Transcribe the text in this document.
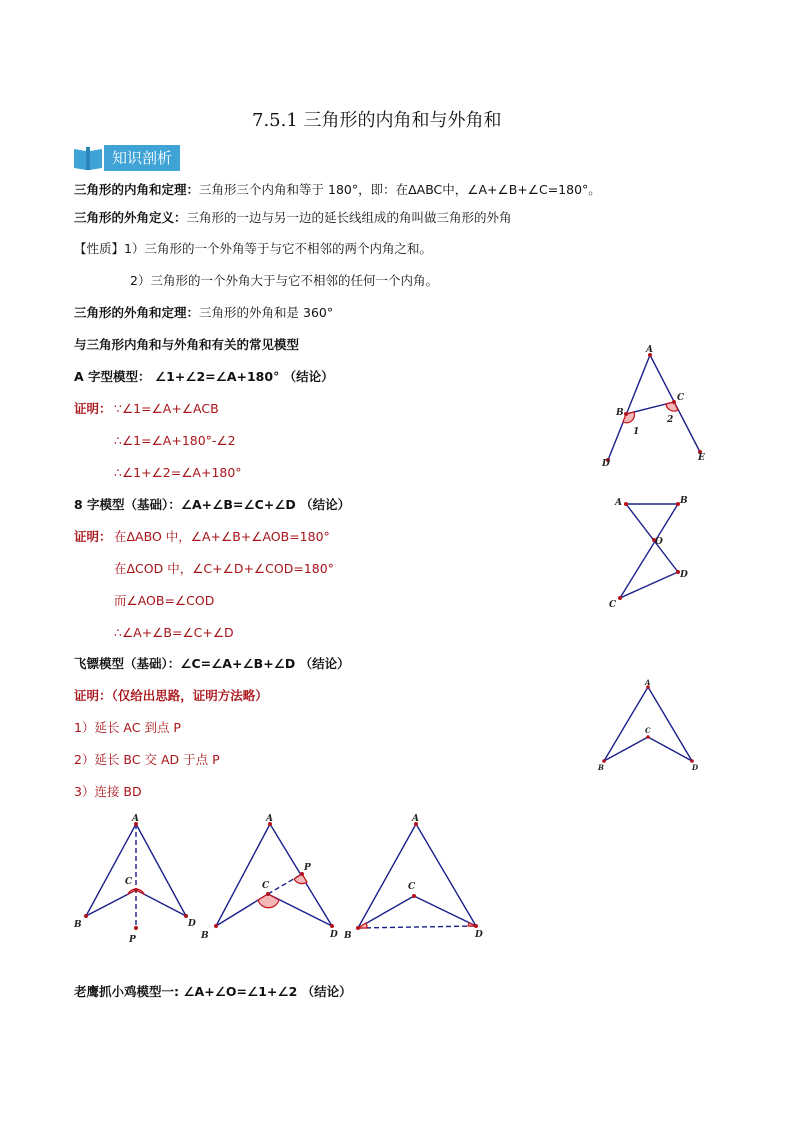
7.5.1 三角形的内角和与外角和
知识剖析
三角形的内角和定理：三角形三个内角和等于 180°，即：在ΔABC中，∠A+∠B+∠C=180°。
三角形的外角定义：三角形的一边与另一边的延长线组成的角叫做三角形的外角
【性质】1）三角形的一个外角等于与它不相邻的两个内角之和。
2）三角形的一个外角大于与它不相邻的任何一个内角。
三角形的外角和定理：三角形的外角和是 360°
与三角形内角和与外角和有关的常见模型
A 字型模型： ∠1+∠2=∠A+180° （结论）
证明： ∵∠1=∠A+∠ACB
∴∠1=∠A+180°-∠2
∴∠1+∠2=∠A+180°
8 字模型（基础）：∠A+∠B=∠C+∠D （结论）
证明： 在ΔABO 中，∠A+∠B+∠AOB=180°
在ΔCOD 中，∠C+∠D+∠COD=180°
而∠AOB=∠COD
∴∠A+∠B=∠C+∠D
飞镖模型（基础）：∠C=∠A+∠B+∠D （结论）
证明：（仅给出思路，证明方法略）
1）延长 AC 到点 P
2）延长 BC 交 AD 于点 P
3）连接 BD
老鹰抓小鸡模型一: ∠A+∠O=∠1+∠2 （结论）
A
B
C
D
E
1
2
A	B
O
C
D
A
B
C
D
A
B
C
D
P
A
B
C
D
P
A
B
C
D
